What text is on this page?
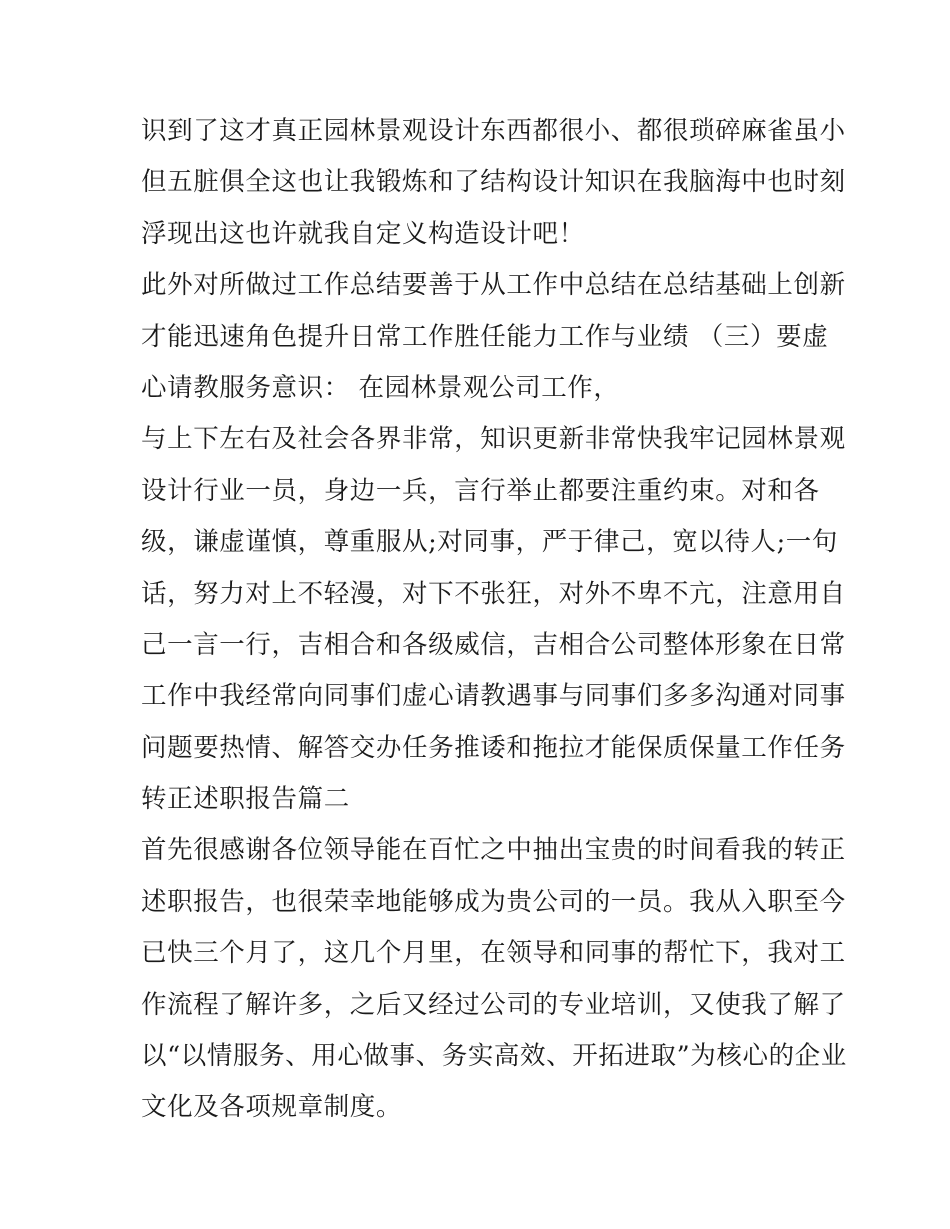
识到了这才真正园林景观设计东西都很小、都很琐碎麻雀虽小
但五脏俱全这也让我锻炼和了结构设计知识在我脑海中也时刻
浮现出这也许就我自定义构造设计吧！
此外对所做过工作总结要善于从工作中总结在总结基础上创新
才能迅速角色提升日常工作胜任能力工作与业绩 （三）要虚
心请教服务意识： 在园林景观公司工作，
与上下左右及社会各界非常，知识更新非常快我牢记园林景观
设计行业一员，身边一兵，言行举止都要注重约束。对和各
级，谦虚谨慎，尊重服从;对同事，严于律己，宽以待人;一句
话，努力对上不轻漫，对下不张狂，对外不卑不亢，注意用自
己一言一行，吉相合和各级威信，吉相合公司整体形象在日常
工作中我经常向同事们虚心请教遇事与同事们多多沟通对同事
问题要热情、解答交办任务推诿和拖拉才能保质保量工作任务
转正述职报告篇二
首先很感谢各位领导能在百忙之中抽出宝贵的时间看我的转正
述职报告，也很荣幸地能够成为贵公司的一员。我从入职至今
已快三个月了，这几个月里，在领导和同事的帮忙下，我对工
作流程了解许多，之后又经过公司的专业培训，又使我了解了
以“以情服务、用心做事、务实高效、开拓进取”为核心的企业
文化及各项规章制度。
